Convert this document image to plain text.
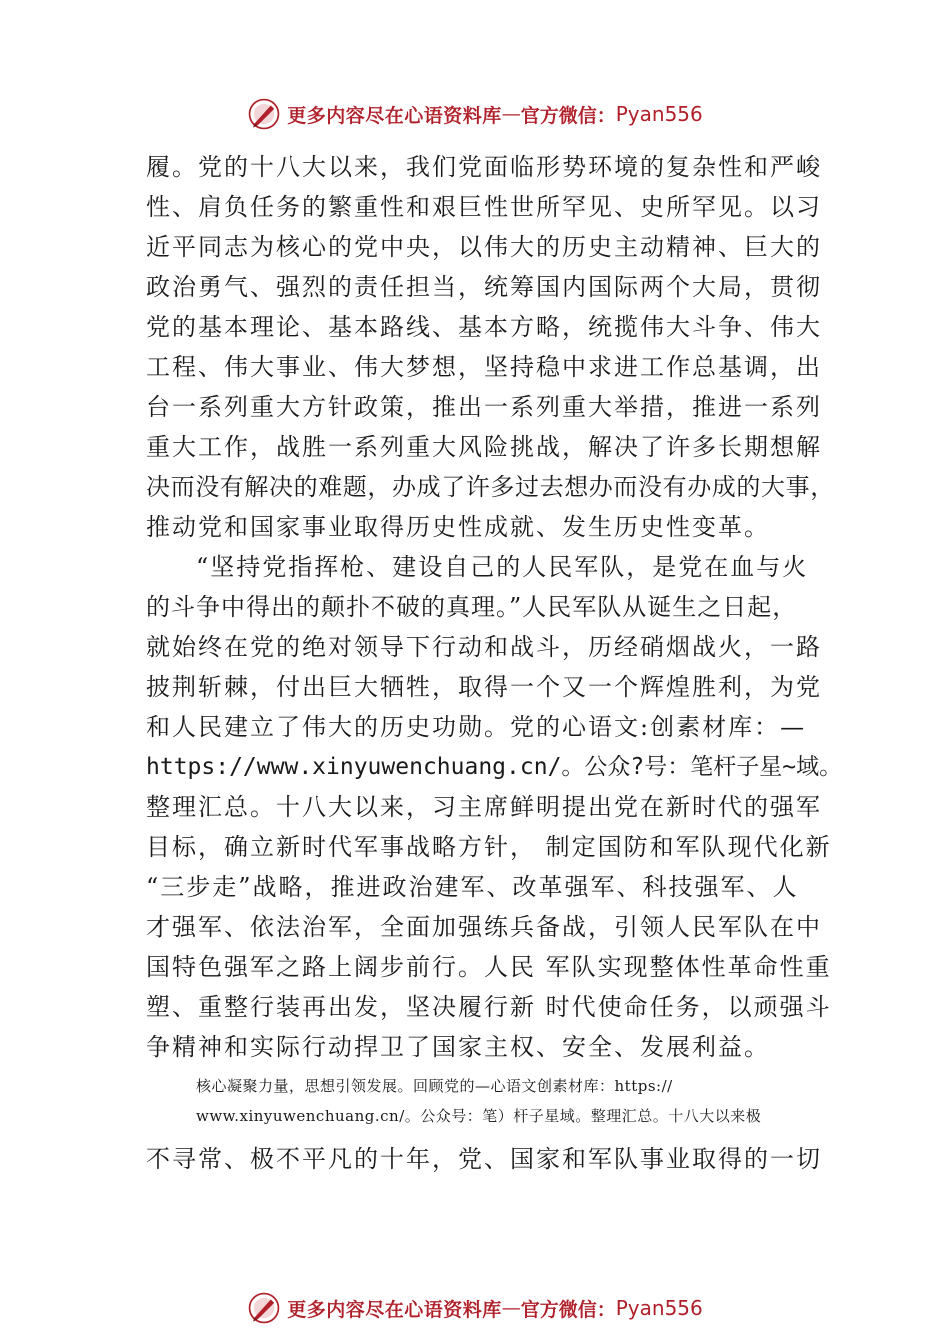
更多内容尽在心语资料库 — 官方微信： Pyan556
履。党的十八大以来，我们党面临形势环境的复杂性和严峻
性、肩负任务的繁重性和艰巨性世所罕见、史所罕见。以习
近平同志为核心的党中央，以伟大的历史主动精神、巨大的
政治勇气、强烈的责任担当，统筹国内国际两个大局，贯彻
党的基本理论、基本路线、基本方略，统揽伟大斗争、伟大
工程、伟大事业、伟大梦想，坚持稳中求进工作总基调，出
台一系列重大方针政策，推出一系列重大举措，推进一系列
重大工作，战胜一系列重大风险挑战，解决了许多长期想解
决而没有解决的难题，办成了许多过去想办而没有办成的大事，
推动党和国家事业取得历史性成就、发生历史性变革。
“坚持党指挥枪、建设自己的人民军队，是党在血与火
的斗争中得出的颠扑不破的真理。”人民军队从诞生之日起，
就始终在党的绝对领导下行动和战斗，历经硝烟战火，一路
披荆斩棘，付出巨大牺牲，取得一个又一个辉煌胜利，为党
和人民建立了伟大的历史功勋。党的心语文:创素材库：—
https://www.xinyuwenchuang.cn/。公众?号：笔杆子星~域。
整理汇总。十八大以来，习主席鲜明提出党在新时代的强军
目标，确立新时代军事战略方针， 制定国防和军队现代化新
“三步走”战略，推进政治建军、改革强军、科技强军、人
才强军、依法治军，全面加强练兵备战，引领人民军队在中
国特色强军之路上阔步前行。人民 军队实现整体性革命性重
塑、重整行装再出发，坚决履行新 时代使命任务，以顽强斗
争精神和实际行动捍卫了国家主权、安全、发展利益。
核心凝聚力量，思想引领发展。回顾党的—心语文创素材库：https://
www.xinyuwenchuang.cn/。公众号：笔）杆子星域。整理汇总。十八大以来极
不寻常、极不平凡的十年，党、国家和军队事业取得的一切
更多内容尽在心语资料库 — 官方微信： Pyan556
